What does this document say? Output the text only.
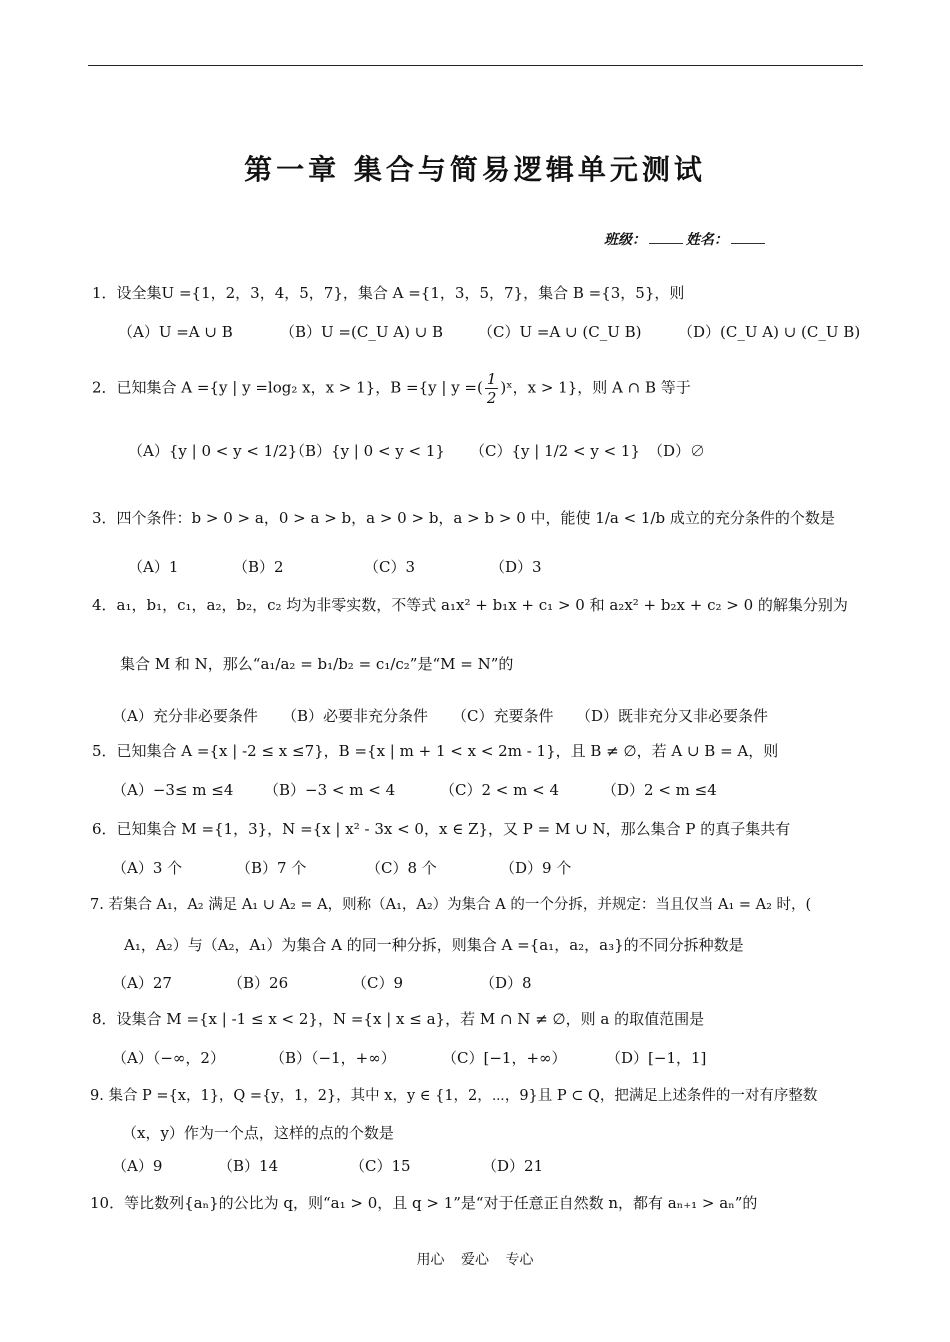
第一章 集合与简易逻辑单元测试
班级：	姓名：
1．设全集U ={1，2，3，4，5，7}，集合 A ={1，3，5，7}，集合 B ={3，5}，则
（A）U =A ∪ B	（B）U =(C_U A) ∪ B （C）U =A ∪ (C_U B) （D）(C_U A) ∪ (C_U B)
2．已知集合 A ={y | y =log₂ x，x > 1}，B ={y | y =( $\frac{1}{2}$ )ˣ，x > 1}，则 A ∩ B 等于
（A）{y | 0 < y < 1/2}
（B）{y | 0 < y < 1} （C）{y | 1/2 < y < 1} （D）∅
3．四个条件：b > 0 > a，0 > a > b，a > 0 > b，a > b > 0 中，能使 1/a < 1/b 成立的充分条件的个数是
（A）1	（B）2	（C）3	（D）3
4．a₁，b₁，c₁，a₂，b₂，c₂ 均为非零实数，不等式 a₁x² + b₁x + c₁ > 0 和 a₂x² + b₂x + c₂ > 0 的解集分别为
集合 M 和 N，那么“a₁/a₂ = b₁/b₂ = c₁/c₂”是“M = N”的
（A）充分非必要条件 （B）必要非充分条件 （C）充要条件 （D）既非充分又非必要条件
5．已知集合 A ={x | -2 ≤ x ≤7}，B ={x | m + 1 < x < 2m - 1}，且 B ≠ ∅，若 A ∪ B = A，则
（A）−3≤ m ≤4 （B）−3 < m < 4	（C）2 < m < 4	（D）2 < m ≤4
6．已知集合 M ={1，3}，N ={x | x² - 3x < 0，x ∈ Z}，又 P = M ∪ N，那么集合 P 的真子集共有
（A）3 个	（B）7 个	（C）8 个	（D）9 个
7. 若集合 A₁，A₂ 满足 A₁ ∪ A₂ = A，则称（A₁，A₂）为集合 A 的一个分拆，并规定：当且仅当 A₁ = A₂ 时，(
A₁，A₂）与（A₂，A₁）为集合 A 的同一种分拆，则集合 A ={a₁，a₂，a₃}的不同分拆种数是
（A）27	（B）26	（C）9	（D）8
8．设集合 M ={x | -1 ≤ x < 2}，N ={x | x ≤ a}，若 M ∩ N ≠ ∅，则 a 的取值范围是
（A）（−∞，2）	（B）（−1，+∞）	（C）[−1，+∞）	（D）[−1，1]
9. 集合 P ={x，1}，Q ={y，1，2}，其中 x，y ∈ {1，2，⋯，9}且 P ⊂ Q，把满足上述条件的一对有序整数
（x，y）作为一个点，这样的点的个数是
（A）9	（B）14	（C）15	（D）21
10．等比数列{aₙ}的公比为 q，则“a₁ > 0，且 q > 1”是“对于任意正自然数 n，都有 aₙ₊₁ > aₙ”的
用心 爱心 专心
